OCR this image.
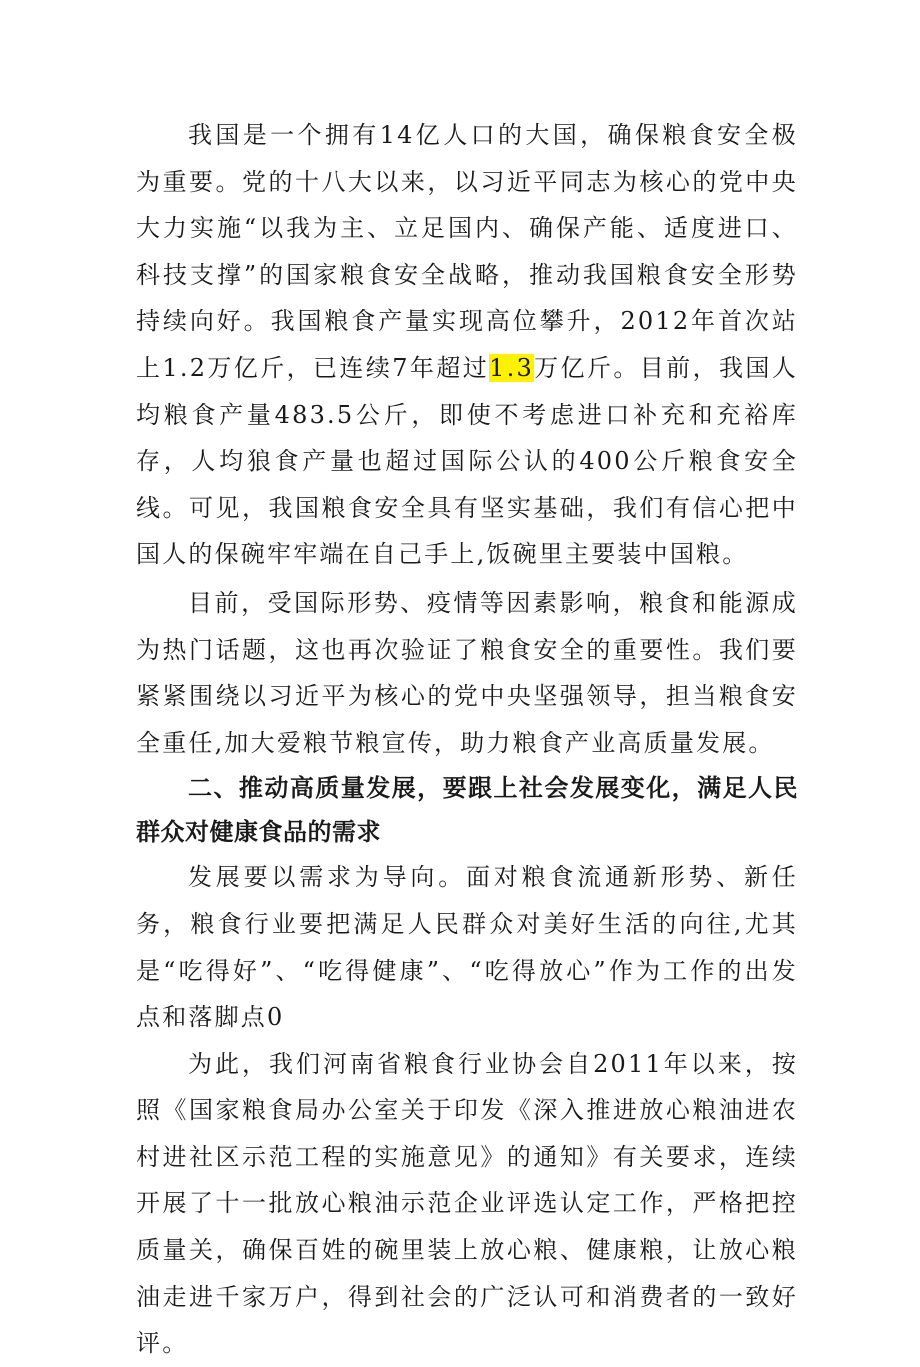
我国是一个拥有14亿人口的大国，确保粮食安全极为重要。党的十八大以来，以习近平同志为核心的党中央大力实施“以我为主、立足国内、确保产能、适度进口、科技支撑”的国家粮食安全战略，推动我国粮食安全形势持续向好。我国粮食产量实现高位攀升，2012年首次站上1.2万亿斤，已连续7年超过1.3万亿斤。目前，我国人均粮食产量483.5公斤，即使不考虑进口补充和充裕库存，人均狼食产量也超过国际公认的400公斤粮食安全线。可见，我国粮食安全具有坚实基础，我们有信心把中国人的保碗牢牢端在自己手上,饭碗里主要装中国粮。

目前，受国际形势、疫情等因素影响，粮食和能源成为热门话题，这也再次验证了粮食安全的重要性。我们要紧紧围绕以习近平为核心的党中央坚强领导，担当粮食安全重任,加大爱粮节粮宣传，助力粮食产业高质量发展。

二、推动高质量发展，要跟上社会发展变化，满足人民群众对健康食品的需求

发展要以需求为导向。面对粮食流通新形势、新任务，粮食行业要把满足人民群众对美好生活的向往,尤其是“吃得好”、“吃得健康”、“吃得放心”作为工作的出发点和落脚点0

为此，我们河南省粮食行业协会自2011年以来，按照《国家粮食局办公室关于印发《深入推进放心粮油进农村进社区示范工程的实施意见》的通知》有关要求，连续开展了十一批放心粮油示范企业评选认定工作，严格把控质量关，确保百姓的碗里装上放心粮、健康粮，让放心粮油走进千家万户，得到社会的广泛认可和消费者的一致好评。
